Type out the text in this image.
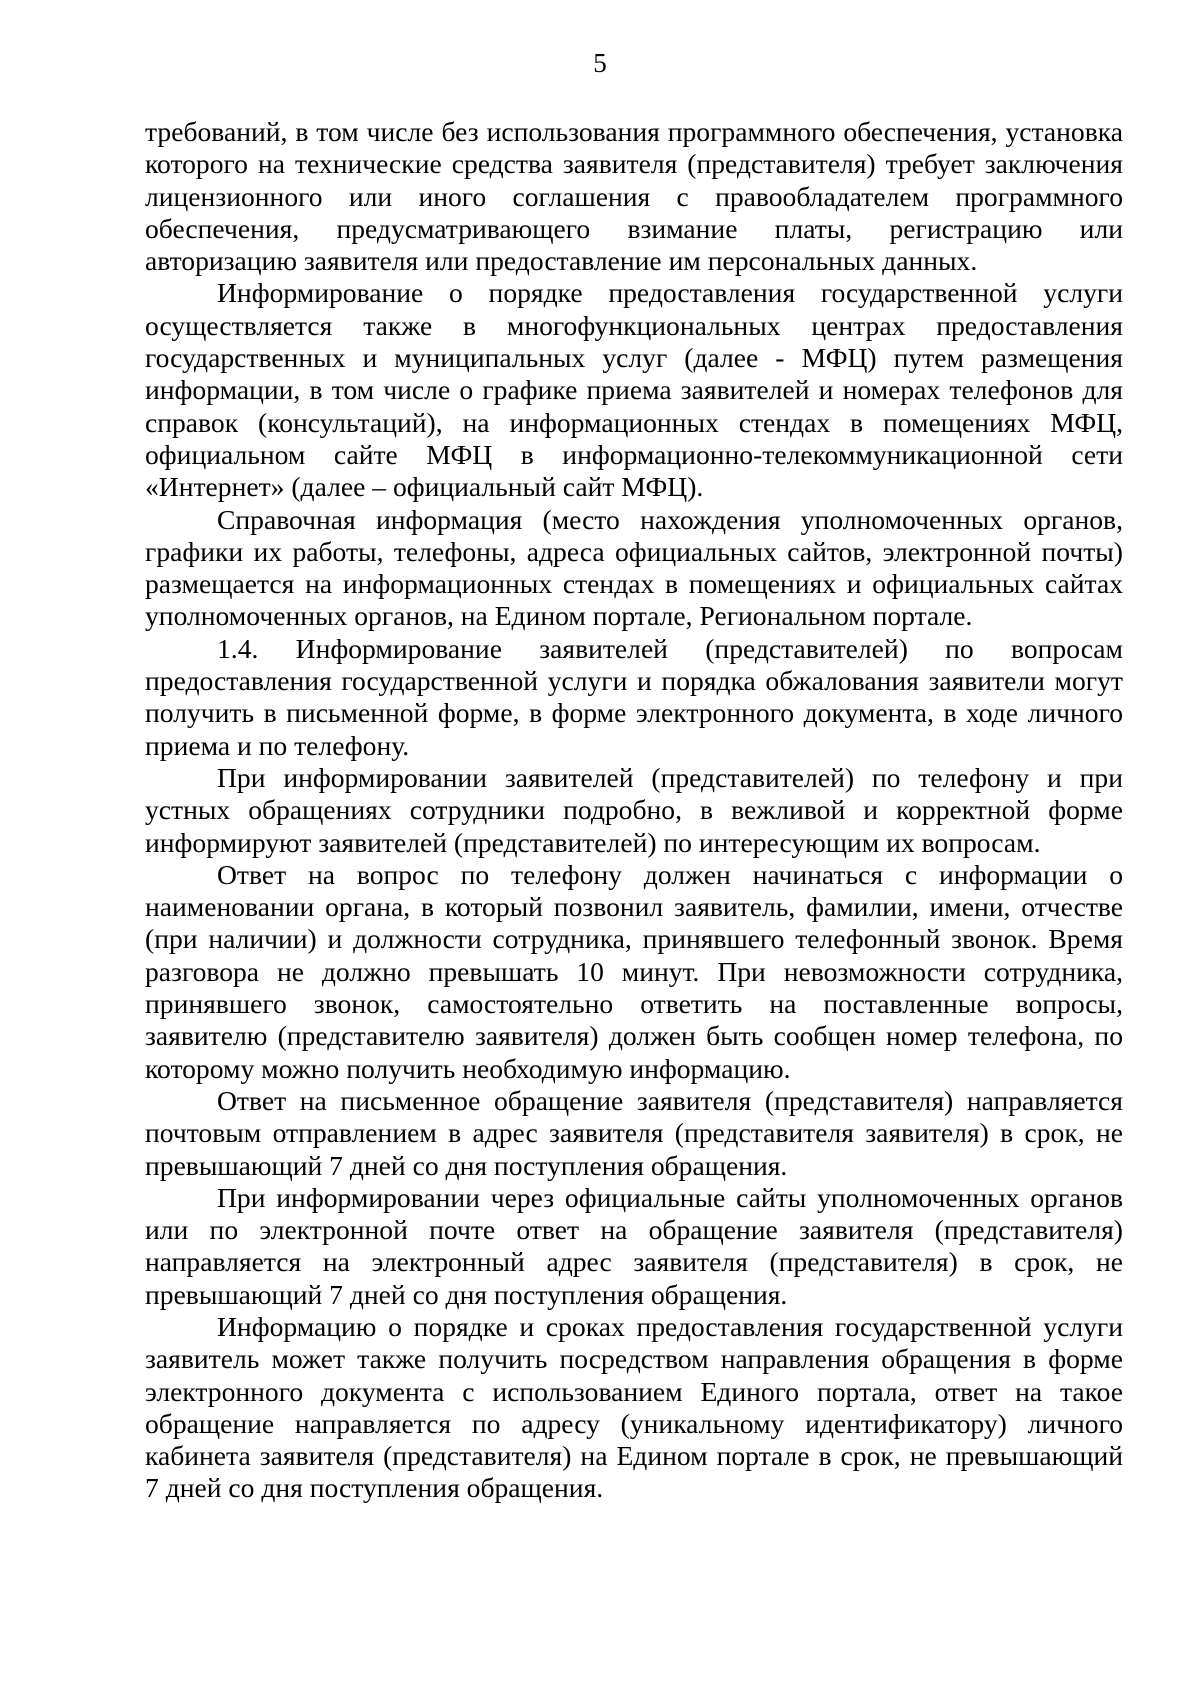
5

требований, в том числе без использования программного обеспечения, установка которого на технические средства заявителя (представителя) требует заключения лицензионного или иного соглашения с правообладателем программного обеспечения, предусматривающего взимание платы, регистрацию или авторизацию заявителя или предоставление им персональных данных.

Информирование о порядке предоставления государственной услуги осуществляется также в многофункциональных центрах предоставления государственных и муниципальных услуг (далее - МФЦ) путем размещения информации, в том числе о графике приема заявителей и номерах телефонов для справок (консультаций), на информационных стендах в помещениях МФЦ, официальном сайте МФЦ в информационно-телекоммуникационной сети «Интернет» (далее – официальный сайт МФЦ).

Справочная информация (место нахождения уполномоченных органов, графики их работы, телефоны, адреса официальных сайтов, электронной почты) размещается на информационных стендах в помещениях и официальных сайтах уполномоченных органов, на Едином портале, Региональном портале.

1.4. Информирование заявителей (представителей) по вопросам предоставления государственной услуги и порядка обжалования заявители могут получить в письменной форме, в форме электронного документа, в ходе личного приема и по телефону.

При информировании заявителей (представителей) по телефону и при устных обращениях сотрудники подробно, в вежливой и корректной форме информируют заявителей (представителей) по интересующим их вопросам.

Ответ на вопрос по телефону должен начинаться с информации о наименовании органа, в который позвонил заявитель, фамилии, имени, отчестве (при наличии) и должности сотрудника, принявшего телефонный звонок. Время разговора не должно превышать 10 минут. При невозможности сотрудника, принявшего звонок, самостоятельно ответить на поставленные вопросы, заявителю (представителю заявителя) должен быть сообщен номер телефона, по которому можно получить необходимую информацию.

Ответ на письменное обращение заявителя (представителя) направляется почтовым отправлением в адрес заявителя (представителя заявителя) в срок, не превышающий 7 дней со дня поступления обращения.

При информировании через официальные сайты уполномоченных органов или по электронной почте ответ на обращение заявителя (представителя) направляется на электронный адрес заявителя (представителя) в срок, не превышающий 7 дней со дня поступления обращения.

Информацию о порядке и сроках предоставления государственной услуги заявитель может также получить посредством направления обращения в форме электронного документа с использованием Единого портала, ответ на такое обращение направляется по адресу (уникальному идентификатору) личного кабинета заявителя (представителя) на Едином портале в срок, не превышающий 7 дней со дня поступления обращения.
